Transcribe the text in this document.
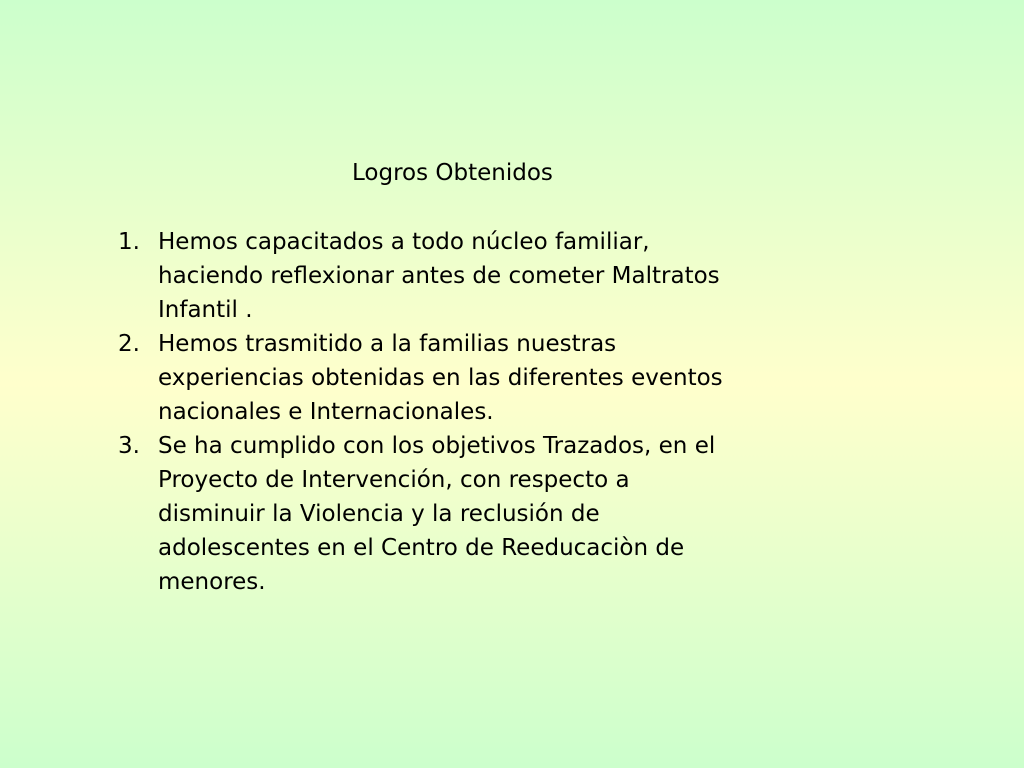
Logros Obtenidos
1. Hemos capacitados a todo núcleo familiar,
haciendo reflexionar antes de cometer Maltratos
Infantil .
2. Hemos trasmitido a la familias nuestras
experiencias obtenidas en las diferentes eventos
nacionales e Internacionales.
3. Se ha cumplido con los objetivos Trazados, en el
Proyecto de Intervención, con respecto a
disminuir la Violencia y la reclusión de
adolescentes en el Centro de Reeducaciòn de
menores.
